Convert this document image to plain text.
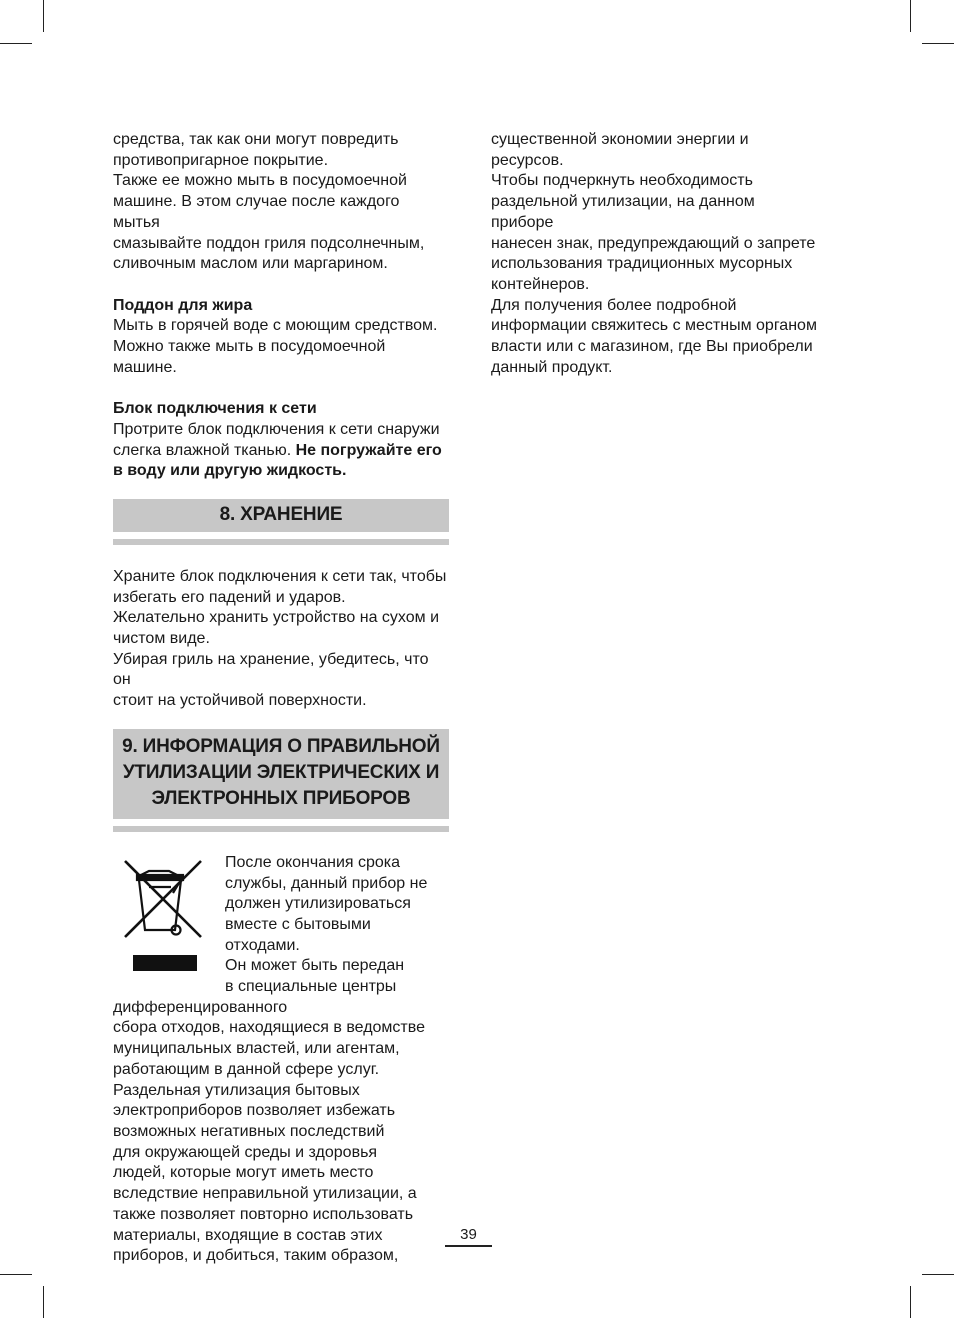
средства, так как они могут повредить

противопригарное покрытие.

Также ее можно мыть в посудомоечной

машине. В этом случае после каждого мытья

смазывайте поддон гриля подсолнечным,

сливочным маслом или маргарином.

Поддон для жира

Мыть в горячей воде с моющим средством.

Можно также мыть в посудомоечной

машине.

Блок подключения к сети

Протрите блок подключения к сети снаружи

слегка влажной тканью. Не погружайте его

в воду или другую жидкость.

8. ХРАНЕНИЕ

Храните блок подключения к сети так, чтобы

избегать его падений и ударов.

Желательно хранить устройство на сухом и

чистом виде.

Убирая гриль на хранение, убедитесь, что он

стоит на устойчивой поверхности.

9. ИНФОРМАЦИЯ О ПРАВИЛЬНОЙ
УТИЛИЗАЦИИ ЭЛЕКТРИЧЕСКИХ И
ЭЛЕКТРОННЫХ ПРИБОРОВ

После окончания срока

службы, данный прибор не

должен утилизироваться

вместе с бытовыми отходами.

Он может быть передан

в специальные центры

дифференцированного

сбора отходов, находящиеся в ведомстве

муниципальных властей, или агентам,

работающим в данной сфере услуг.

Раздельная утилизация бытовых

электроприборов позволяет избежать

возможных негативных последствий

для окружающей среды и здоровья

людей, которые могут иметь место

вследствие неправильной утилизации, а

также позволяет повторно использовать

материалы, входящие в состав этих

приборов, и добиться, таким образом,

существенной экономии энергии и ресурсов.

Чтобы подчеркнуть необходимость

раздельной утилизации, на данном приборе

нанесен знак, предупреждающий о запрете

использования традиционных мусорных

контейнеров.

Для получения более подробной

информации свяжитесь с местным органом

власти или с магазином, где Вы приобрели

данный продукт.

39
